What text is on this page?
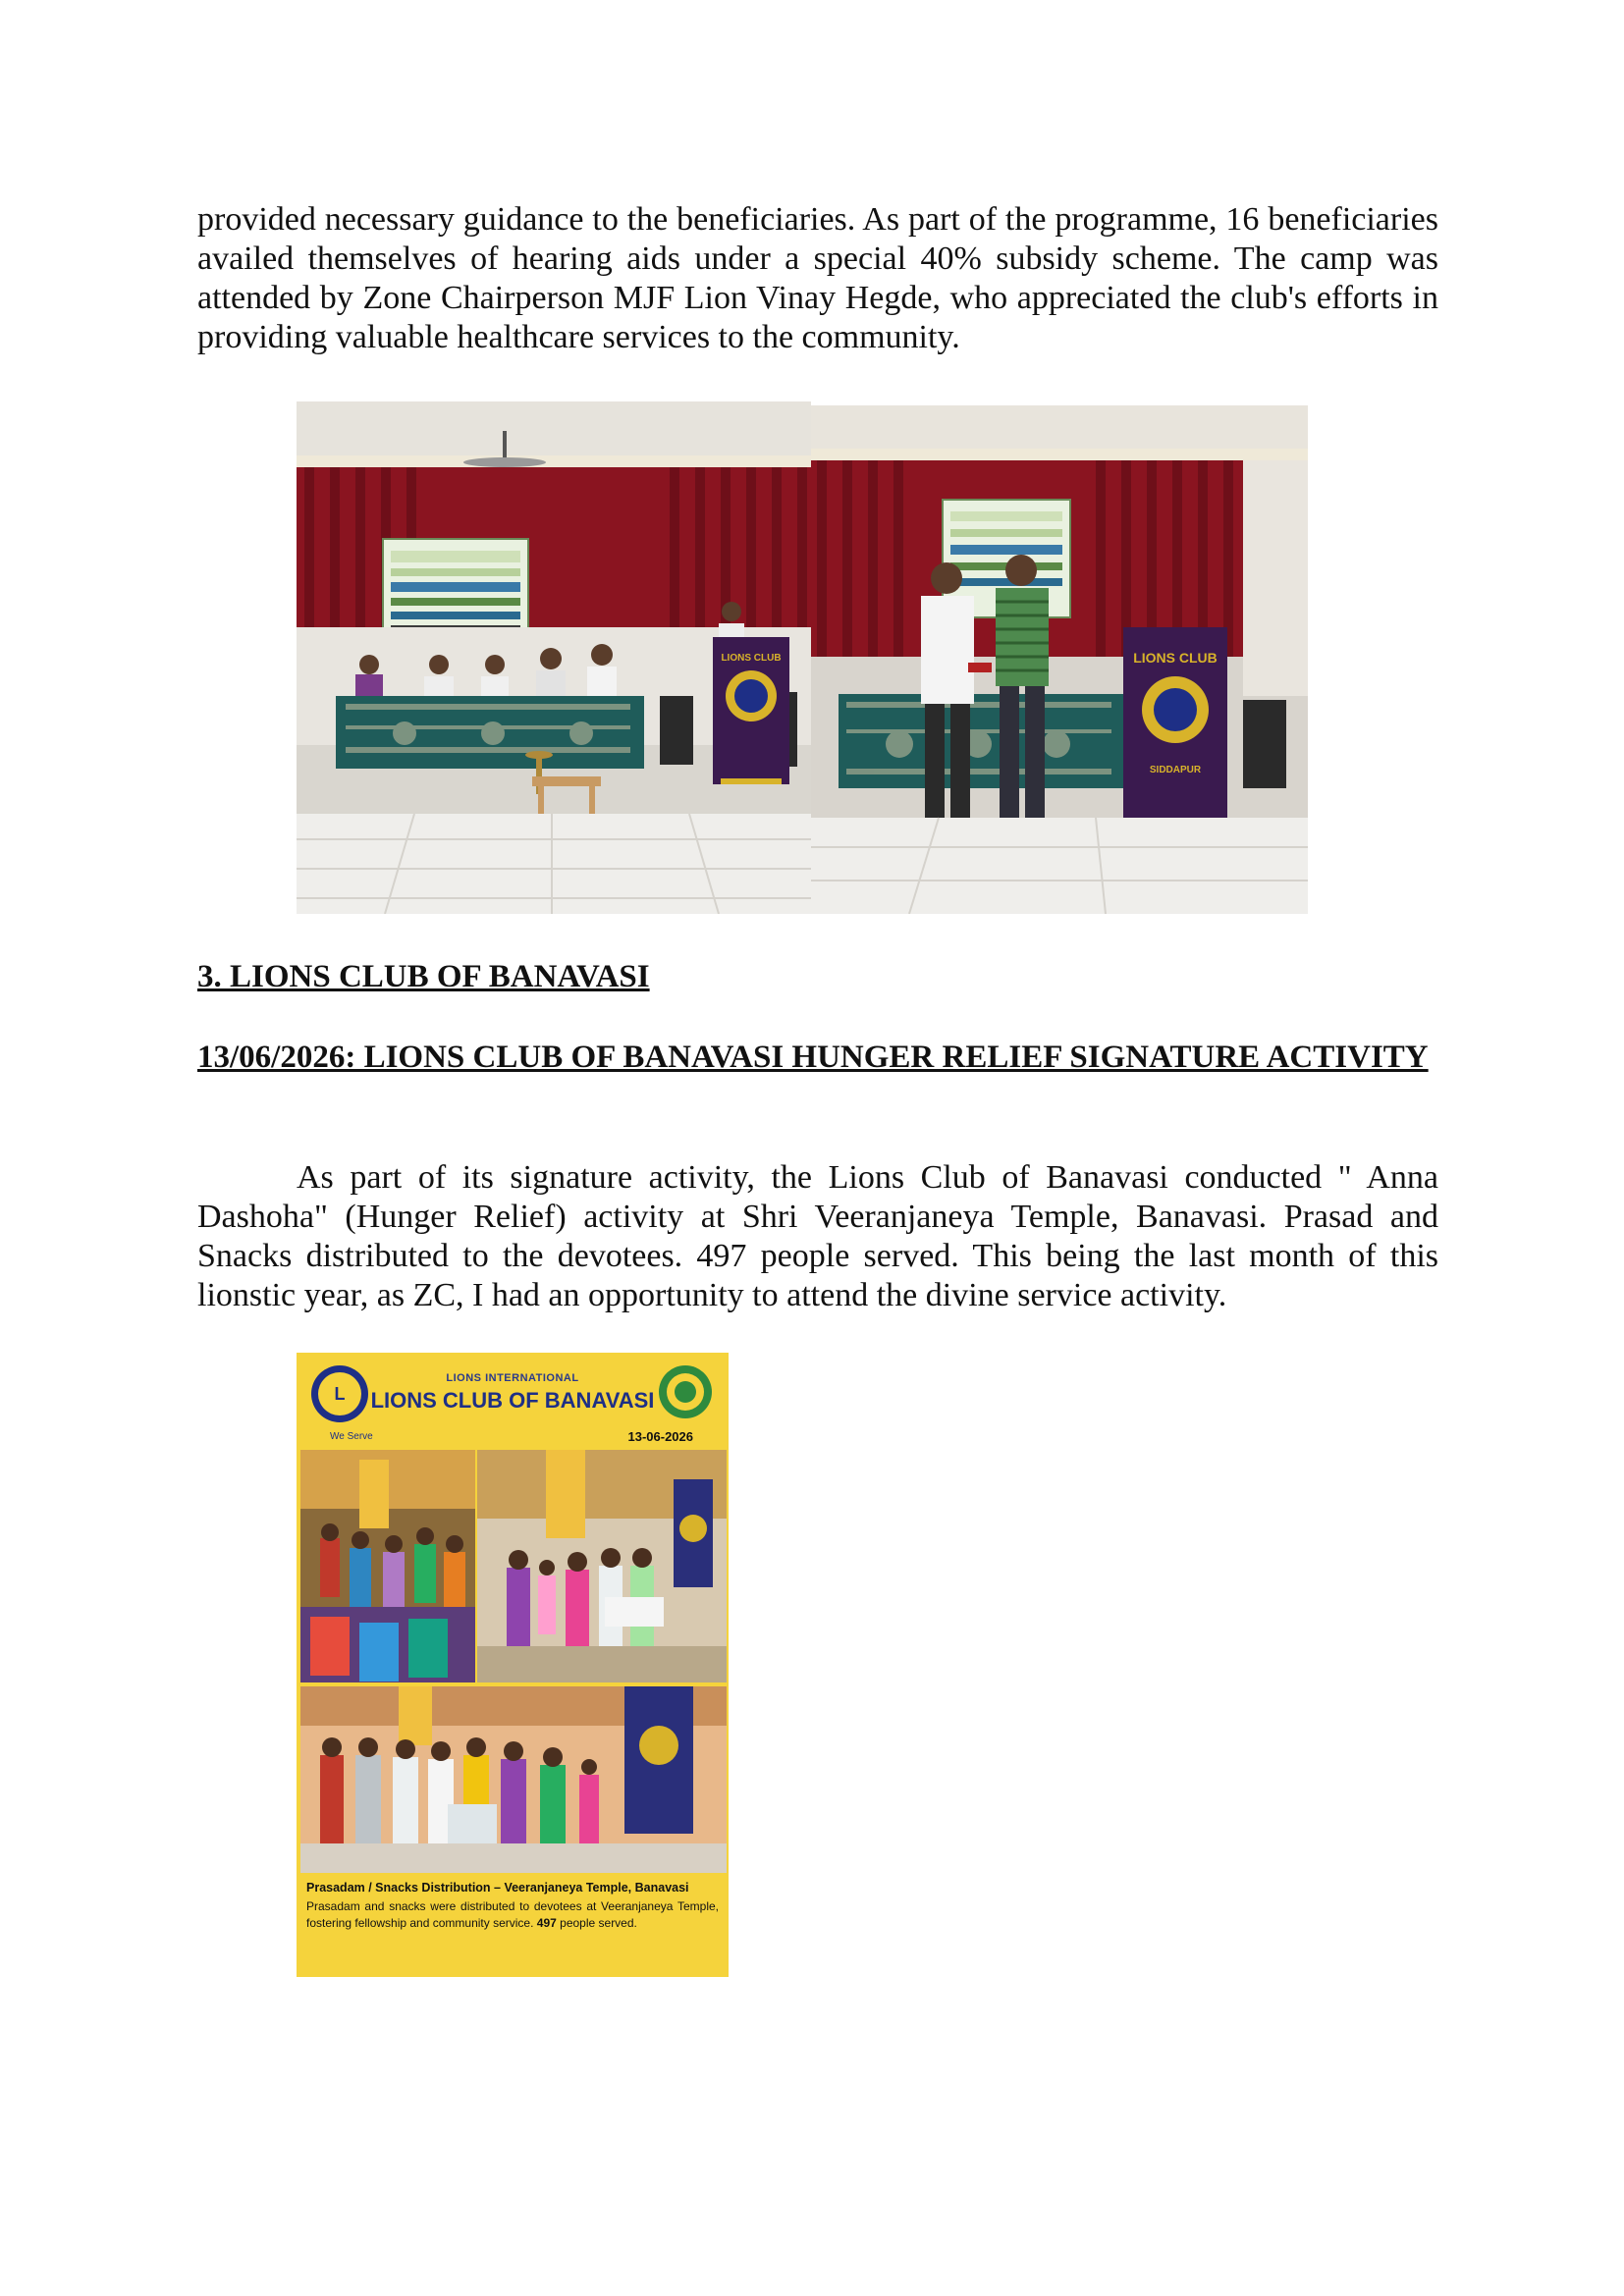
provided necessary guidance to the beneficiaries. As part of the programme, 16 beneficiaries availed themselves of hearing aids under a special 40% subsidy scheme. The camp was attended by Zone Chairperson MJF Lion Vinay Hegde, who appreciated the club's efforts in providing valuable healthcare services to the community.

LIONS CLUB	LIONS CLUB
SIDDAPUR

3. LIONS CLUB OF BANAVASI

13/06/2026: LIONS CLUB OF BANAVASI HUNGER RELIEF SIGNATURE ACTIVITY

As part of its signature activity, the Lions Club of Banavasi conducted " Anna Dashoha" (Hunger Relief) activity at Shri Veeranjaneya Temple, Banavasi. Prasad and Snacks distributed to the devotees. 497 people served. This being the last month of this lionstic year, as ZC, I had an opportunity to attend the divine service activity.

L
LIONS INTERNATIONAL
LIONS CLUB OF BANAVASI
We Serve	13-06-2026
Prasadam / Snacks Distribution – Veeranjaneya Temple, Banavasi
Prasadam and snacks were distributed to devotees at Veeranjaneya Temple, fostering fellowship and community service. 497 people served.
